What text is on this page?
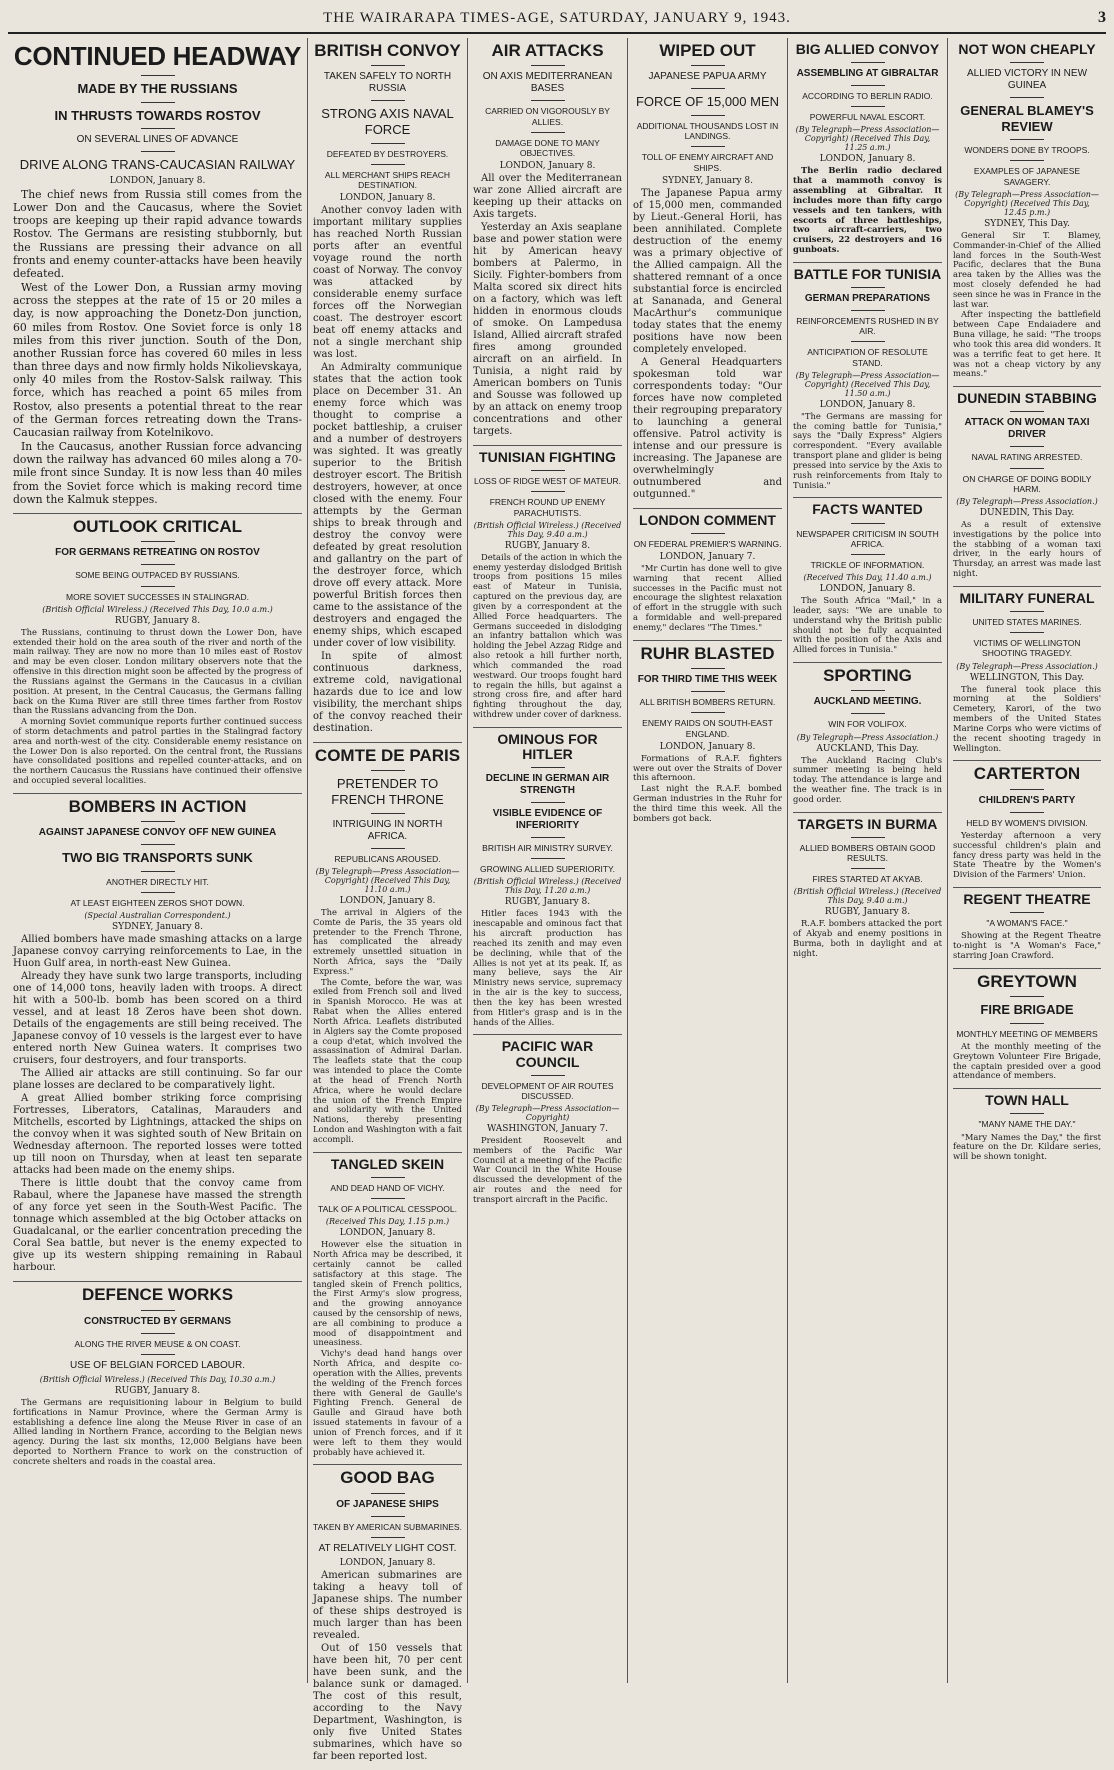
THE WAIRARAPA TIMES-AGE, SATURDAY, JANUARY 9, 1943.	3
CONTINUED HEADWAY
MADE BY THE RUSSIANS
IN THRUSTS TOWARDS ROSTOV
ON SEVERAL LINES OF ADVANCE
DRIVE ALONG TRANS-CAUCASIAN RAILWAY
LONDON, January 8.

The chief news from Russia still comes from the Lower Don and the Caucasus, where the Soviet troops are keeping up their rapid advance towards Rostov. The Germans are resisting stubbornly, but the Russians are pressing their advance on all fronts and enemy counter-attacks have been heavily defeated.

West of the Lower Don, a Russian army moving across the steppes at the rate of 15 or 20 miles a day, is now approaching the Donetz-Don junction, 60 miles from Rostov. One Soviet force is only 18 miles from this river junction. South of the Don, another Russian force has covered 60 miles in less than three days and now firmly holds Nikolievskaya, only 40 miles from the Rostov-Salsk railway. This force, which has reached a point 65 miles from Rostov, also presents a potential threat to the rear of the German forces retreating down the Trans-Caucasian railway from Kotelnikovo.

In the Caucasus, another Russian force advancing down the railway has advanced 60 miles along a 70-mile front since Sunday. It is now less than 40 miles from the Soviet force which is making record time down the Kalmuk steppes.

OUTLOOK CRITICAL
FOR GERMANS RETREATING ON ROSTOV
SOME BEING OUTPACED BY RUSSIANS.
MORE SOVIET SUCCESSES IN STALINGRAD.
(British Official Wireless.) (Received This Day, 10.0 a.m.)
RUGBY, January 8.

The Russians, continuing to thrust down the Lower Don, have extended their hold on the area south of the river and north of the main railway. They are now no more than 10 miles east of Rostov and may be even closer. London military observers note that the offensive in this direction might soon be affected by the progress of the Russians against the Germans in the Caucasus in a civilian position. At present, in the Central Caucasus, the Germans falling back on the Kuma River are still three times farther from Rostov than the Russians advancing from the Don.

A morning Soviet communique reports further continued success of storm detachments and patrol parties in the Stalingrad factory area and north-west of the city. Considerable enemy resistance on the Lower Don is also reported. On the central front, the Russians have consolidated positions and repelled counter-attacks, and on the northern Caucasus the Russians have continued their offensive and occupied several localities.

BOMBERS IN ACTION
AGAINST JAPANESE CONVOY OFF NEW GUINEA
TWO BIG TRANSPORTS SUNK
ANOTHER DIRECTLY HIT.
AT LEAST EIGHTEEN ZEROS SHOT DOWN.
(Special Australian Correspondent.)
SYDNEY, January 8.

Allied bombers have made smashing attacks on a large Japanese convoy carrying reinforcements to Lae, in the Huon Gulf area, in north-east New Guinea.

Already they have sunk two large transports, including one of 14,000 tons, heavily laden with troops. A direct hit with a 500-lb. bomb has been scored on a third vessel, and at least 18 Zeros have been shot down. Details of the engagements are still being received. The Japanese convoy of 10 vessels is the largest ever to have entered north New Guinea waters. It comprises two cruisers, four destroyers, and four transports.

The Allied air attacks are still continuing. So far our plane losses are declared to be comparatively light.

A great Allied bomber striking force comprising Fortresses, Liberators, Catalinas, Marauders and Mitchells, escorted by Lightnings, attacked the ships on the convoy when it was sighted south of New Britain on Wednesday afternoon. The reported losses were totted up till noon on Thursday, when at least ten separate attacks had been made on the enemy ships.

There is little doubt that the convoy came from Rabaul, where the Japanese have massed the strength of any force yet seen in the South-West Pacific. The tonnage which assembled at the big October attacks on Guadalcanal, or the earlier concentration preceding the Coral Sea battle, but never is the enemy expected to give up its western shipping remaining in Rabaul harbour.

DEFENCE WORKS
CONSTRUCTED BY GERMANS
ALONG THE RIVER MEUSE & ON COAST.
USE OF BELGIAN FORCED LABOUR.
(British Official Wireless.) (Received This Day, 10.30 a.m.)
RUGBY, January 8.

The Germans are requisitioning labour in Belgium to build fortifications in Namur Province, where the German Army is establishing a defence line along the Meuse River in case of an Allied landing in Northern France, according to the Belgian news agency. During the last six months, 12,000 Belgians have been deported to Northern France to work on the construction of concrete shelters and roads in the coastal area.

BRITISH CONVOY
TAKEN SAFELY TO NORTH RUSSIA
STRONG AXIS NAVAL FORCE
DEFEATED BY DESTROYERS.
ALL MERCHANT SHIPS REACH DESTINATION.
LONDON, January 8.

Another convoy laden with important military supplies has reached North Russian ports after an eventful voyage round the north coast of Norway. The convoy was attacked by considerable enemy surface forces off the Norwegian coast. The destroyer escort beat off enemy attacks and not a single merchant ship was lost.

An Admiralty communique states that the action took place on December 31. An enemy force which was thought to comprise a pocket battleship, a cruiser and a number of destroyers was sighted. It was greatly superior to the British destroyer escort. The British destroyers, however, at once closed with the enemy. Four attempts by the German ships to break through and destroy the convoy were defeated by great resolution and gallantry on the part of the destroyer force, which drove off every attack. More powerful British forces then came to the assistance of the destroyers and engaged the enemy ships, which escaped under cover of low visibility.

In spite of almost continuous darkness, extreme cold, navigational hazards due to ice and low visibility, the merchant ships of the convoy reached their destination.

COMTE DE PARIS
PRETENDER TO FRENCH THRONE
INTRIGUING IN NORTH AFRICA.
REPUBLICANS AROUSED.
(By Telegraph—Press Association—Copyright) (Received This Day, 11.10 a.m.)
LONDON, January 8.

The arrival in Algiers of the Comte de Paris, the 35 years old pretender to the French Throne, has complicated the already extremely unsettled situation in North Africa, says the "Daily Express."

The Comte, before the war, was exiled from French soil and lived in Spanish Morocco. He was at Rabat when the Allies entered North Africa. Leaflets distributed in Algiers say the Comte proposed a coup d'etat, which involved the assassination of Admiral Darlan. The leaflets state that the coup was intended to place the Comte at the head of French North Africa, where he would declare the union of the French Empire and solidarity with the United Nations, thereby presenting London and Washington with a fait accompli.

TANGLED SKEIN
AND DEAD HAND OF VICHY.
TALK OF A POLITICAL CESSPOOL.
(Received This Day, 1.15 p.m.)
LONDON, January 8.

However else the situation in North Africa may be described, it certainly cannot be called satisfactory at this stage. The tangled skein of French politics, the First Army's slow progress, and the growing annoyance caused by the censorship of news, are all combining to produce a mood of disappointment and uneasiness.

Vichy's dead hand hangs over North Africa, and despite co-operation with the Allies, prevents the welding of the French forces there with General de Gaulle's Fighting French. General de Gaulle and Giraud have both issued statements in favour of a union of French forces, and if it were left to them they would probably have achieved it.

GOOD BAG
OF JAPANESE SHIPS
TAKEN BY AMERICAN SUBMARINES.
AT RELATIVELY LIGHT COST.
LONDON, January 8.

American submarines are taking a heavy toll of Japanese ships. The number of these ships destroyed is much larger than has been revealed.

Out of 150 vessels that have been hit, 70 per cent have been sunk, and the balance sunk or damaged. The cost of this result, according to the Navy Department, Washington, is only five United States submarines, which have so far been reported lost.

AIR ATTACKS
ON AXIS MEDITERRANEAN BASES
CARRIED ON VIGOROUSLY BY ALLIES.
DAMAGE DONE TO MANY OBJECTIVES.
LONDON, January 8.

All over the Mediterranean war zone Allied aircraft are keeping up their attacks on Axis targets.

Yesterday an Axis seaplane base and power station were hit by American heavy bombers at Palermo, in Sicily. Fighter-bombers from Malta scored six direct hits on a factory, which was left hidden in enormous clouds of smoke. On Lampedusa Island, Allied aircraft strafed fires among grounded aircraft on an airfield. In Tunisia, a night raid by American bombers on Tunis and Sousse was followed up by an attack on enemy troop concentrations and other targets.

TUNISIAN FIGHTING
LOSS OF RIDGE WEST OF MATEUR.
FRENCH ROUND UP ENEMY PARACHUTISTS.
(British Official Wireless.) (Received This Day, 9.40 a.m.)
RUGBY, January 8.

Details of the action in which the enemy yesterday dislodged British troops from positions 15 miles east of Mateur in Tunisia, captured on the previous day, are given by a correspondent at the Allied Force headquarters. The Germans succeeded in dislodging an infantry battalion which was holding the Jebel Azzag Ridge and also retook a hill further north, which commanded the road westward. Our troops fought hard to regain the hills, but against a strong cross fire, and after hard fighting throughout the day, withdrew under cover of darkness.

OMINOUS FOR HITLER
DECLINE IN GERMAN AIR STRENGTH
VISIBLE EVIDENCE OF INFERIORITY
BRITISH AIR MINISTRY SURVEY.
GROWING ALLIED SUPERIORITY.
(British Official Wireless.) (Received This Day, 11.20 a.m.)
RUGBY, January 8.

Hitler faces 1943 with the inescapable and ominous fact that his aircraft production has reached its zenith and may even be declining, while that of the Allies is not yet at its peak. If, as many believe, says the Air Ministry news service, supremacy in the air is the key to success, then the key has been wrested from Hitler's grasp and is in the hands of the Allies.

PACIFIC WAR COUNCIL
DEVELOPMENT OF AIR ROUTES DISCUSSED.
(By Telegraph—Press Association—Copyright)
WASHINGTON, January 7.

President Roosevelt and members of the Pacific War Council at a meeting of the Pacific War Council in the White House discussed the development of the air routes and the need for transport aircraft in the Pacific.

WIPED OUT
JAPANESE PAPUA ARMY
FORCE OF 15,000 MEN
ADDITIONAL THOUSANDS LOST IN LANDINGS.
TOLL OF ENEMY AIRCRAFT AND SHIPS.
SYDNEY, January 8.

The Japanese Papua army of 15,000 men, commanded by Lieut.-General Horii, has been annihilated. Complete destruction of the enemy was a primary objective of the Allied campaign. All the shattered remnant of a once substantial force is encircled at Sananada, and General MacArthur's communique today states that the enemy positions have now been completely enveloped.

A General Headquarters spokesman told war correspondents today: "Our forces have now completed their regrouping preparatory to launching a general offensive. Patrol activity is intense and our pressure is increasing. The Japanese are overwhelmingly outnumbered and outgunned."

LONDON COMMENT
ON FEDERAL PREMIER'S WARNING.
LONDON, January 7.

"Mr Curtin has done well to give warning that recent Allied successes in the Pacific must not encourage the slightest relaxation of effort in the struggle with such a formidable and well-prepared enemy," declares "The Times."

RUHR BLASTED
FOR THIRD TIME THIS WEEK
ALL BRITISH BOMBERS RETURN.
ENEMY RAIDS ON SOUTH-EAST ENGLAND.
LONDON, January 8.

Formations of R.A.F. fighters were out over the Straits of Dover this afternoon.

Last night the R.A.F. bombed German industries in the Ruhr for the third time this week. All the bombers got back.

BIG ALLIED CONVOY
ASSEMBLING AT GIBRALTAR
ACCORDING TO BERLIN RADIO.
POWERFUL NAVAL ESCORT.
(By Telegraph—Press Association—Copyright) (Received This Day, 11.25 a.m.)
LONDON, January 8.

The Berlin radio declared that a mammoth convoy is assembling at Gibraltar. It includes more than fifty cargo vessels and ten tankers, with escorts of three battleships, two aircraft-carriers, two cruisers, 22 destroyers and 16 gunboats.

BATTLE FOR TUNISIA
GERMAN PREPARATIONS
REINFORCEMENTS RUSHED IN BY AIR.
ANTICIPATION OF RESOLUTE STAND.
(By Telegraph—Press Association—Copyright) (Received This Day, 11.50 a.m.)
LONDON, January 8.

"The Germans are massing for the coming battle for Tunisia," says the "Daily Express" Algiers correspondent. "Every available transport plane and glider is being pressed into service by the Axis to rush reinforcements from Italy to Tunisia."

FACTS WANTED
NEWSPAPER CRITICISM IN SOUTH AFRICA.
TRICKLE OF INFORMATION.
(Received This Day, 11.40 a.m.)
LONDON, January 8.

The South Africa "Mail," in a leader, says: "We are unable to understand why the British public should not be fully acquainted with the position of the Axis and Allied forces in Tunisia."

SPORTING
AUCKLAND MEETING.
WIN FOR VOLIFOX.
(By Telegraph—Press Association.)
AUCKLAND, This Day.

The Auckland Racing Club's summer meeting is being held today. The attendance is large and the weather fine. The track is in good order.

TARGETS IN BURMA
ALLIED BOMBERS OBTAIN GOOD RESULTS.
FIRES STARTED AT AKYAB.
(British Official Wireless.) (Received This Day, 9.40 a.m.)
RUGBY, January 8.

R.A.F. bombers attacked the port of Akyab and enemy positions in Burma, both in daylight and at night.

NOT WON CHEAPLY
ALLIED VICTORY IN NEW GUINEA
GENERAL BLAMEY'S REVIEW
WONDERS DONE BY TROOPS.
EXAMPLES OF JAPANESE SAVAGERY.
(By Telegraph—Press Association—Copyright) (Received This Day, 12.45 p.m.)
SYDNEY, This Day.

General Sir T. Blamey, Commander-in-Chief of the Allied land forces in the South-West Pacific, declares that the Buna area taken by the Allies was the most closely defended he had seen since he was in France in the last war.

After inspecting the battlefield between Cape Endaiadere and Buna village, he said: "The troops who took this area did wonders. It was a terrific feat to get here. It was not a cheap victory by any means."

DUNEDIN STABBING
ATTACK ON WOMAN TAXI DRIVER
NAVAL RATING ARRESTED.
ON CHARGE OF DOING BODILY HARM.
(By Telegraph—Press Association.)
DUNEDIN, This Day.

As a result of extensive investigations by the police into the stabbing of a woman taxi driver, in the early hours of Thursday, an arrest was made last night.

MILITARY FUNERAL
UNITED STATES MARINES.
VICTIMS OF WELLINGTON SHOOTING TRAGEDY.
(By Telegraph—Press Association.)
WELLINGTON, This Day.

The funeral took place this morning at the Soldiers' Cemetery, Karori, of the two members of the United States Marine Corps who were victims of the recent shooting tragedy in Wellington.

CARTERTON
CHILDREN'S PARTY
HELD BY WOMEN'S DIVISION.

Yesterday afternoon a very successful children's plain and fancy dress party was held in the State Theatre by the Women's Division of the Farmers' Union.

REGENT THEATRE
"A WOMAN'S FACE."

Showing at the Regent Theatre to-night is "A Woman's Face," starring Joan Crawford.

GREYTOWN
FIRE BRIGADE
MONTHLY MEETING OF MEMBERS

At the monthly meeting of the Greytown Volunteer Fire Brigade, the captain presided over a good attendance of members.

TOWN HALL
"MANY NAME THE DAY."

"Mary Names the Day," the first feature on the Dr. Kildare series, will be shown tonight.
